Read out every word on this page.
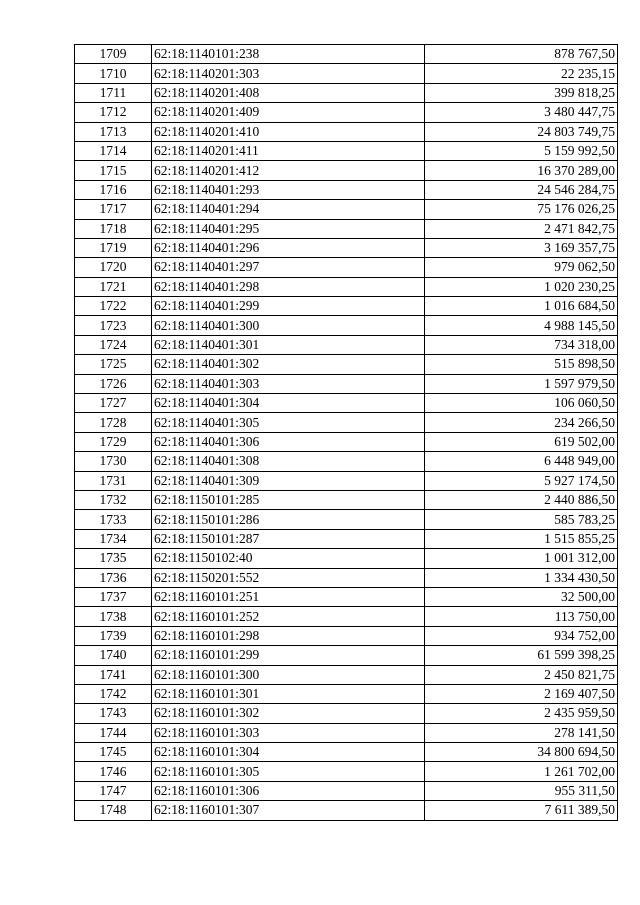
1709	62:18:1140101:238	878 767,50
1710	62:18:1140201:303	22 235,15
1711	62:18:1140201:408	399 818,25
1712	62:18:1140201:409	3 480 447,75
1713	62:18:1140201:410	24 803 749,75
1714	62:18:1140201:411	5 159 992,50
1715	62:18:1140201:412	16 370 289,00
1716	62:18:1140401:293	24 546 284,75
1717	62:18:1140401:294	75 176 026,25
1718	62:18:1140401:295	2 471 842,75
1719	62:18:1140401:296	3 169 357,75
1720	62:18:1140401:297	979 062,50
1721	62:18:1140401:298	1 020 230,25
1722	62:18:1140401:299	1 016 684,50
1723	62:18:1140401:300	4 988 145,50
1724	62:18:1140401:301	734 318,00
1725	62:18:1140401:302	515 898,50
1726	62:18:1140401:303	1 597 979,50
1727	62:18:1140401:304	106 060,50
1728	62:18:1140401:305	234 266,50
1729	62:18:1140401:306	619 502,00
1730	62:18:1140401:308	6 448 949,00
1731	62:18:1140401:309	5 927 174,50
1732	62:18:1150101:285	2 440 886,50
1733	62:18:1150101:286	585 783,25
1734	62:18:1150101:287	1 515 855,25
1735	62:18:1150102:40	1 001 312,00
1736	62:18:1150201:552	1 334 430,50
1737	62:18:1160101:251	32 500,00
1738	62:18:1160101:252	113 750,00
1739	62:18:1160101:298	934 752,00
1740	62:18:1160101:299	61 599 398,25
1741	62:18:1160101:300	2 450 821,75
1742	62:18:1160101:301	2 169 407,50
1743	62:18:1160101:302	2 435 959,50
1744	62:18:1160101:303	278 141,50
1745	62:18:1160101:304	34 800 694,50
1746	62:18:1160101:305	1 261 702,00
1747	62:18:1160101:306	955 311,50
1748	62:18:1160101:307	7 611 389,50
